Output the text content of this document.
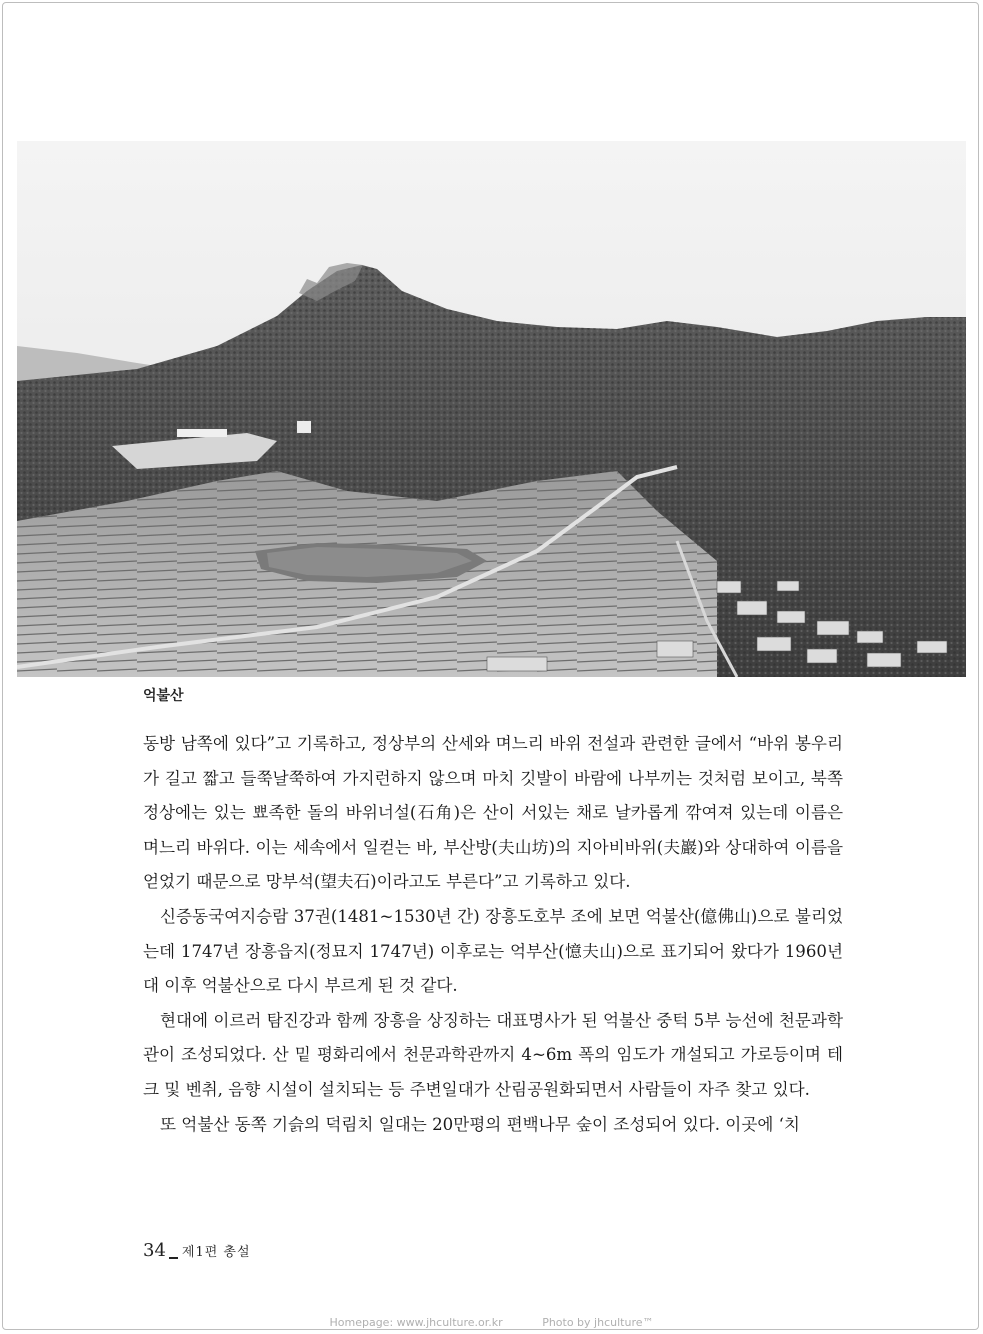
억불산

동방 남쪽에 있다”고 기록하고, 정상부의 산세와 며느리 바위 전설과 관련한 글에서 “바위 봉우리가 길고 짧고 들쭉날쭉하여 가지런하지 않으며 마치 깃발이 바람에 나부끼는 것처럼 보이고, 북쪽 정상에는 있는 뾰족한 돌의 바위너설(石角)은 산이 서있는 채로 날카롭게 깎여져 있는데 이름은 며느리 바위다. 이는 세속에서 일컫는 바, 부산방(夫山坊)의 지아비바위(夫巖)와 상대하여 이름을 얻었기 때문으로 망부석(望夫石)이라고도 부른다”고 기록하고 있다.

신증동국여지승람 37권(1481~1530년 간) 장흥도호부 조에 보면 억불산(億佛山)으로 불리었는데 1747년 장흥읍지(정묘지 1747년) 이후로는 억부산(憶夫山)으로 표기되어 왔다가 1960년대 이후 억불산으로 다시 부르게 된 것 같다.

현대에 이르러 탐진강과 함께 장흥을 상징하는 대표명사가 된 억불산 중턱 5부 능선에 천문과학관이 조성되었다. 산 밑 평화리에서 천문과학관까지 4~6m 폭의 임도가 개설되고 가로등이며 테크 및 벤취, 음향 시설이 설치되는 등 주변일대가 산림공원화되면서 사람들이 자주 찾고 있다.

또 억불산 동쪽 기슭의 덕림치 일대는 20만평의 편백나무 숲이 조성되어 있다. 이곳에 ‘치

34 제1편 총설
Homepage: www.jhculture.or.kr	Photo by jhculture™
